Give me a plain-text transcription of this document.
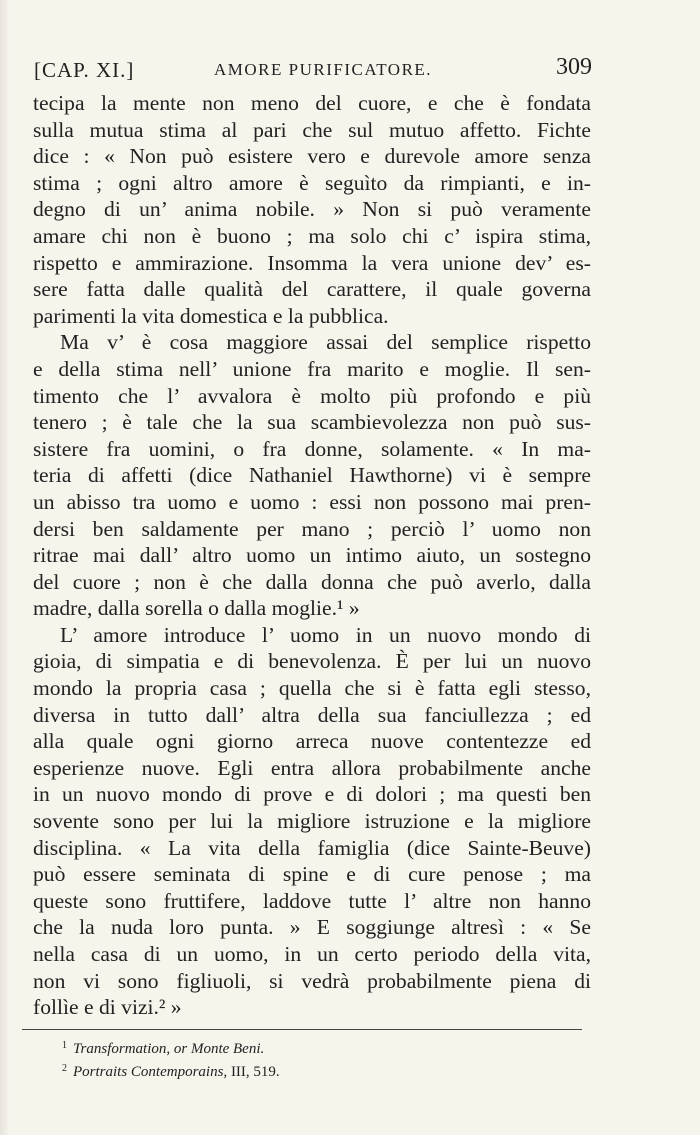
[CAP. XI.]	AMORE PURIFICATORE.	309
tecipa la mente non meno del cuore, e che è fondata
sulla mutua stima al pari che sul mutuo affetto. Fichte
dice : « Non può esistere vero e durevole amore senza
stima ; ogni altro amore è seguìto da rimpianti, e in-
degno di un’ anima nobile. » Non si può veramente
amare chi non è buono ; ma solo chi c’ ispira stima,
rispetto e ammirazione. Insomma la vera unione dev’ es-
sere fatta dalle qualità del carattere, il quale governa
parimenti la vita domestica e la pubblica.
Ma v’ è cosa maggiore assai del semplice rispetto
e della stima nell’ unione fra marito e moglie. Il sen-
timento che l’ avvalora è molto più profondo e più
tenero ; è tale che la sua scambievolezza non può sus-
sistere fra uomini, o fra donne, solamente. « In ma-
teria di affetti (dice Nathaniel Hawthorne) vi è sempre
un abisso tra uomo e uomo : essi non possono mai pren-
dersi ben saldamente per mano ; perciò l’ uomo non
ritrae mai dall’ altro uomo un intimo aiuto, un sostegno
del cuore ; non è che dalla donna che può averlo, dalla
madre, dalla sorella o dalla moglie.¹ »
L’ amore introduce l’ uomo in un nuovo mondo di
gioia, di simpatia e di benevolenza. È per lui un nuovo
mondo la propria casa ; quella che si è fatta egli stesso,
diversa in tutto dall’ altra della sua fanciullezza ; ed
alla quale ogni giorno arreca nuove contentezze ed
esperienze nuove. Egli entra allora probabilmente anche
in un nuovo mondo di prove e di dolori ; ma questi ben
sovente sono per lui la migliore istruzione e la migliore
disciplina. « La vita della famiglia (dice Sainte-Beuve)
può essere seminata di spine e di cure penose ; ma
queste sono fruttifere, laddove tutte l’ altre non hanno
che la nuda loro punta. » E soggiunge altresì : « Se
nella casa di un uomo, in un certo periodo della vita,
non vi sono figliuoli, si vedrà probabilmente piena di
follìe e di vizi.² »
$^1$ Transformation, or Monte Beni.
$^2$ Portraits Contemporains, III, 519.
